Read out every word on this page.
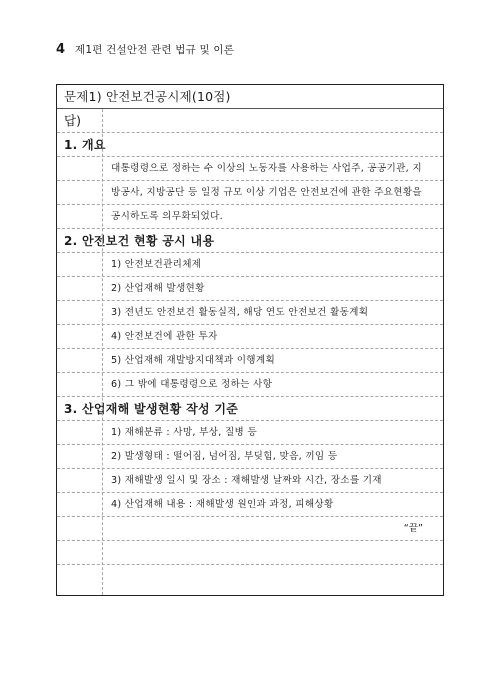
4 제1편 건설안전 관련 법규 및 이론
문제1) 안전보건공시제(10점)
답)
1. 개요
대통령령으로 정하는 수 이상의 노동자를 사용하는 사업주, 공공기관, 지
방공사, 지방공단 등 일정 규모 이상 기업은 안전보건에 관한 주요현황을
공시하도록 의무화되었다.
2. 안전보건 현황 공시 내용
1) 안전보건관리체제
2) 산업재해 발생현황
3) 전년도 안전보건 활동실적, 해당 연도 안전보건 활동계획
4) 안전보건에 관한 투자
5) 산업재해 재발방지대책과 이행계획
6) 그 밖에 대통령령으로 정하는 사항
3. 산업재해 발생현황 작성 기준
1) 재해분류 : 사망, 부상, 질병 등
2) 발생형태 : 떨어짐, 넘어짐, 부딪힘, 맞음, 끼임 등
3) 재해발생 일시 및 장소 : 재해발생 날짜와 시간, 장소를 기재
4) 산업재해 내용 : 재해발생 원인과 과정, 피해상황
“끝”
